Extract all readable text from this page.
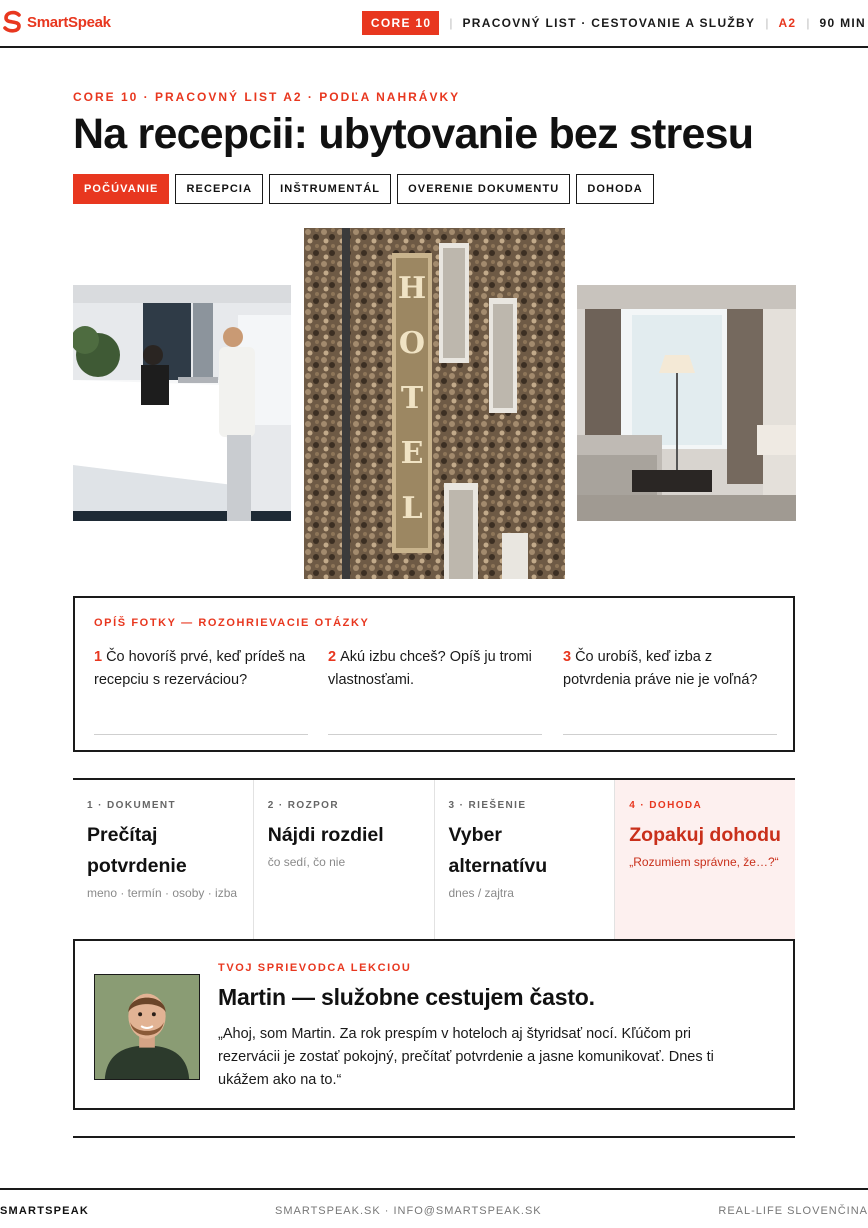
SmartSpeak	CORE 10	| PRACOVNÝ LIST · CESTOVANIE A SLUŽBY | A2 | 90 MIN
CORE 10 · PRACOVNÝ LIST A2 · PODĽA NAHRÁVKY
Na recepcii: ubytovanie bez stresu
POČÚVANIE	RECEPCIA	INŠTRUMENTÁL	OVERENIE DOKUMENTU	DOHODA
H
O
T
E
L
OPÍŠ FOTKY — ROZOHRIEVACIE OTÁZKY
1 Čo hovoríš prvé, keď prídeš na recepciu s rezerváciou?
2 Akú izbu chceš? Opíš ju tromi vlastnosťami.
3 Čo urobíš, keď izba z potvrdenia práve nie je voľná?
1 · DOKUMENT
Prečítaj potvrdenie
meno · termín · osoby · izba
2 · ROZPOR
Nájdi rozdiel
čo sedí, čo nie
3 · RIEŠENIE
Vyber alternatívu
dnes / zajtra
4 · DOHODA
Zopakuj dohodu
„Rozumiem správne, že…?“
TVOJ SPRIEVODCA LEKCIOU
Martin — služobne cestujem často.
„Ahoj, som Martin. Za rok prespím v hoteloch aj štyridsať nocí. Kľúčom pri rezervácii je zostať pokojný, prečítať potvrdenie a jasne komunikovať. Dnes ti ukážem ako na to.“
SMARTSPEAK	SMARTSPEAK.SK · INFO@SMARTSPEAK.SK	REAL-LIFE SLOVENČINA
